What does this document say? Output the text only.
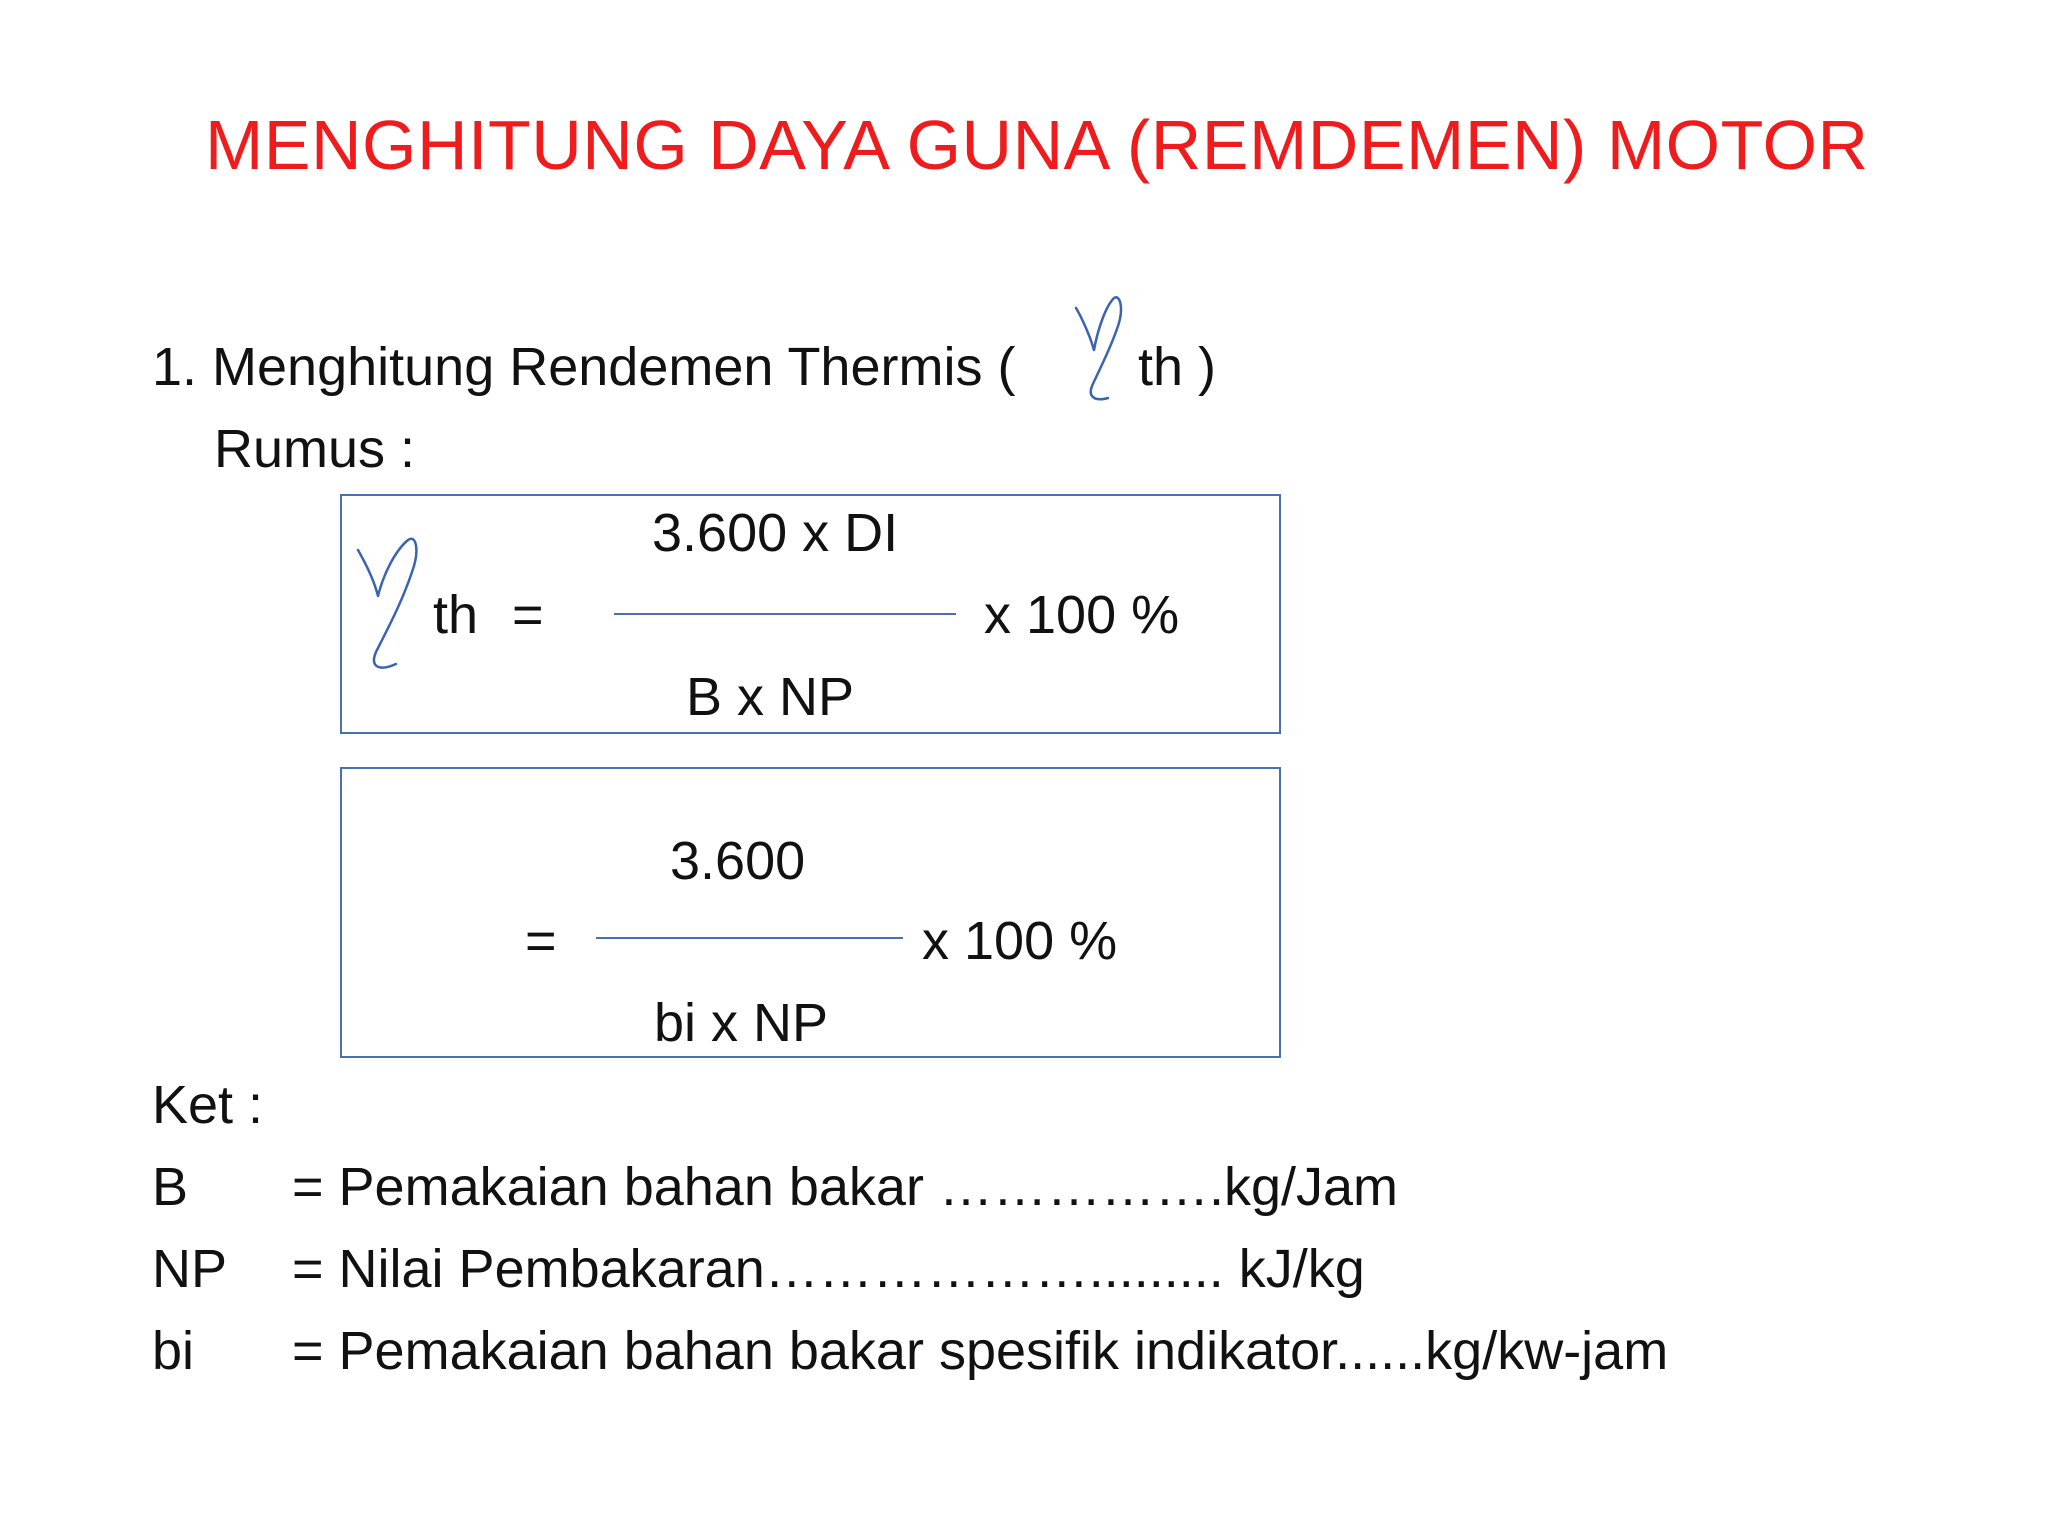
MENGHITUNG DAYA GUNA (REMDEMEN) MOTOR
1. Menghitung Rendemen Thermis ( th )
Rumus :
th =
3.600 x DI
B x NP
x 100 %
=
3.600
bi x NP
x 100 %
Ket :
B = Pemakaian bahan bakar …………….kg/Jam
NP = Nilai Pembakaran………………......... kJ/kg
bi = Pemakaian bahan bakar spesifik indikator......kg/kw-jam
